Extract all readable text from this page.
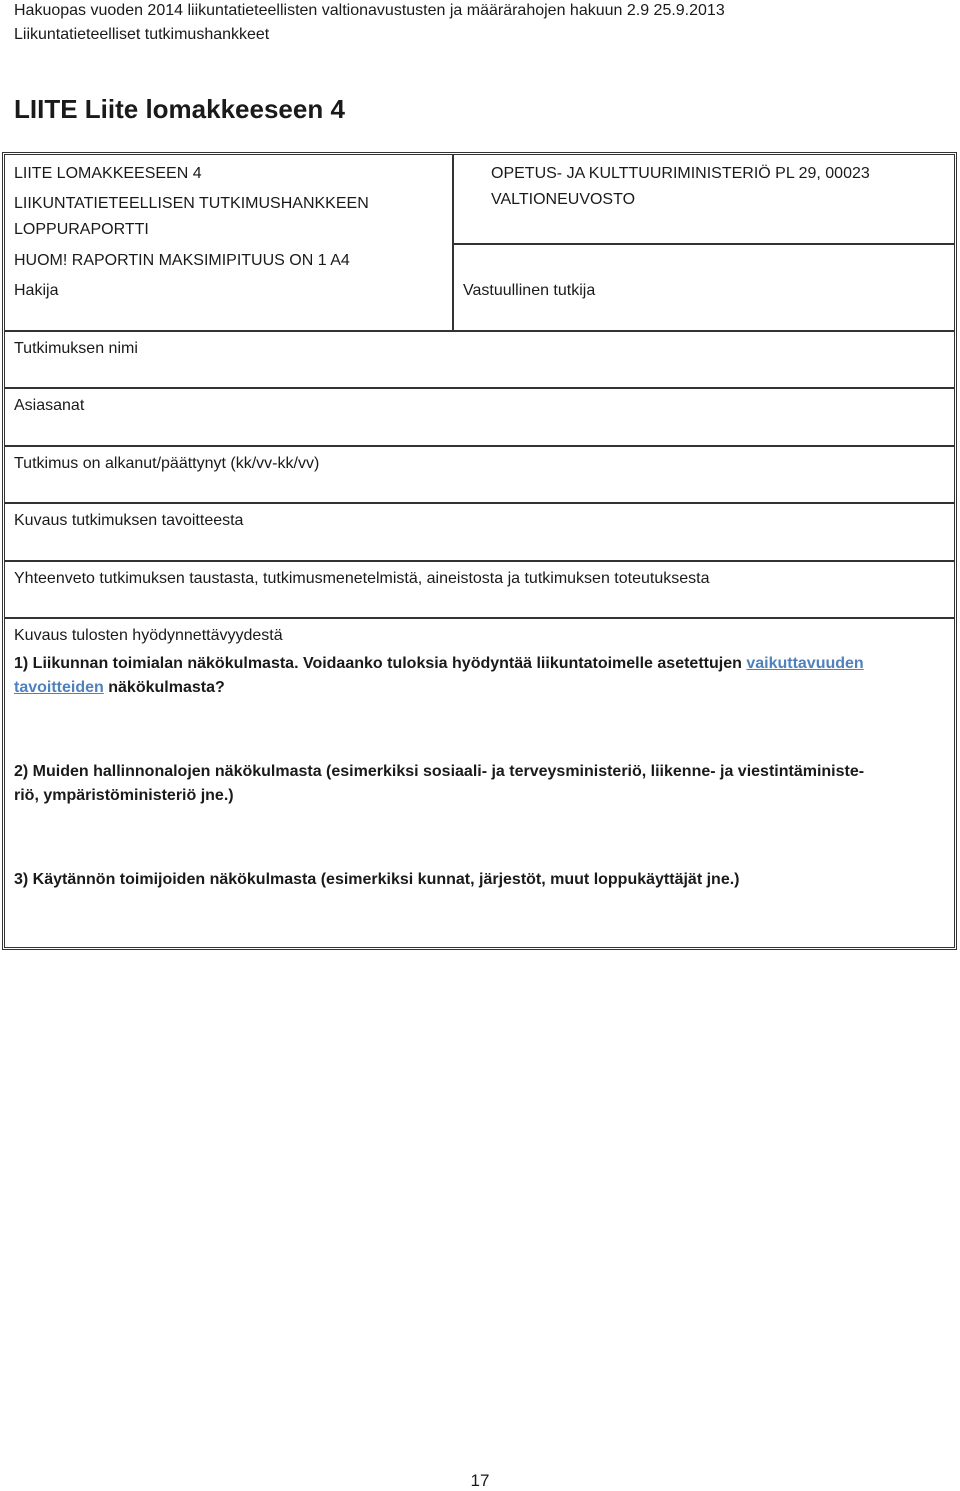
Hakuopas vuoden 2014 liikuntatieteellisten valtionavustusten ja määrärahojen hakuun 2.9 25.9.2013
Liikuntatieteelliset tutkimushankkeet
LIITE Liite lomakkeeseen 4
LIITE LOMAKKEESEEN 4
LIIKUNTATIETEELLISEN TUTKIMUSHANKKEEN
LOPPURAPORTTI
HUOM! RAPORTIN MAKSIMIPITUUS ON 1 A4
Hakija
OPETUS- JA KULTTUURIMINISTERIÖ PL 29, 00023
VALTIONEUVOSTO
Vastuullinen tutkija
Tutkimuksen nimi
Asiasanat
Tutkimus on alkanut/päättynyt (kk/vv-kk/vv)
Kuvaus tutkimuksen tavoitteesta
Yhteenveto tutkimuksen taustasta, tutkimusmenetelmistä, aineistosta ja tutkimuksen toteutuksesta
Kuvaus tulosten hyödynnettävyydestä
1) Liikunnan toimialan näkökulmasta. Voidaanko tuloksia hyödyntää liikuntatoimelle asetettujen vaikuttavuuden
tavoitteiden näkökulmasta?
2) Muiden hallinnonalojen näkökulmasta (esimerkiksi sosiaali- ja terveysministeriö, liikenne- ja viestintäministe-
riö, ympäristöministeriö jne.)
3) Käytännön toimijoiden näkökulmasta (esimerkiksi kunnat, järjestöt, muut loppukäyttäjät jne.)
17
